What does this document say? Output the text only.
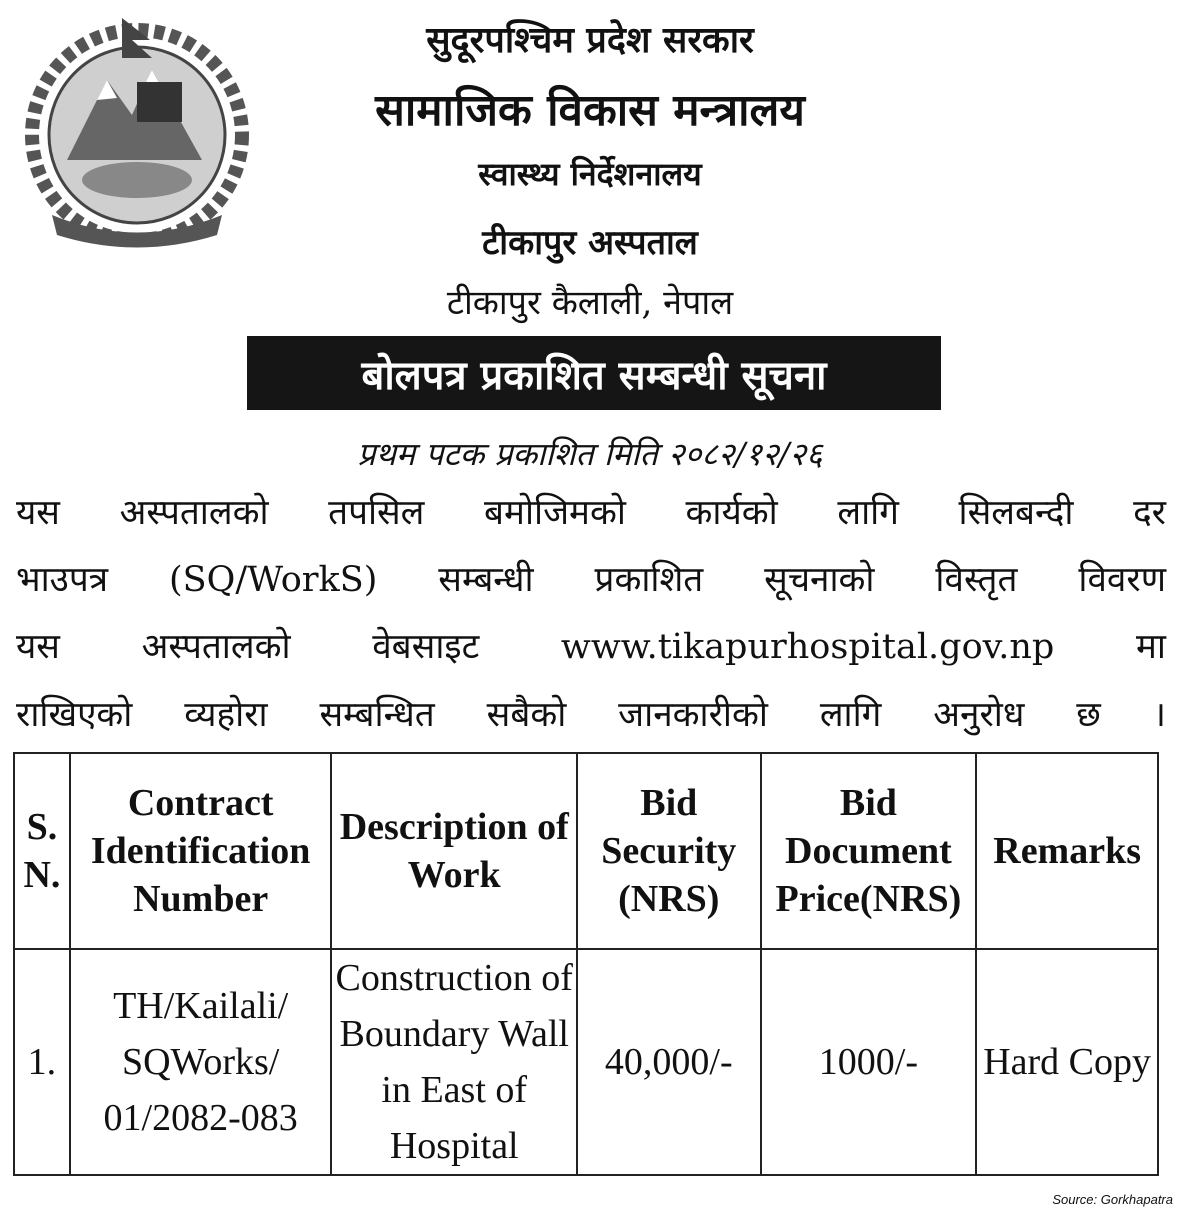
सुदूरपश्चिम प्रदेश सरकार
सामाजिक विकास मन्त्रालय
स्वास्थ्य निर्देशनालय
टीकापुर अस्पताल
टीकापुर कैलाली, नेपाल
बोलपत्र प्रकाशित सम्बन्धी सूचना
प्रथम पटक प्रकाशित मिति २०८२/१२/२६
यस अस्पतालको तपसिल बमोजिमको कार्यको लागि सिलबन्दी दर
भाउपत्र (SQ/WorkS) सम्बन्धी प्रकाशित सूचनाको विस्तृत विवरण
यस अस्पतालको वेबसाइट www.tikapurhospital.gov.np मा
राखिएको व्यहोरा सम्बन्धित सबैको जानकारीको लागि अनुरोध छ ।
S. N.	Contract Identification Number	Description of Work	Bid Security (NRS)	Bid Document Price(NRS)	Remarks
1.	TH/Kailali/ SQWorks/ 01/2082-083	Construction of Boundary Wall in East of Hospital	40,000/-	1000/-	Hard Copy
Source: Gorkhapatra
